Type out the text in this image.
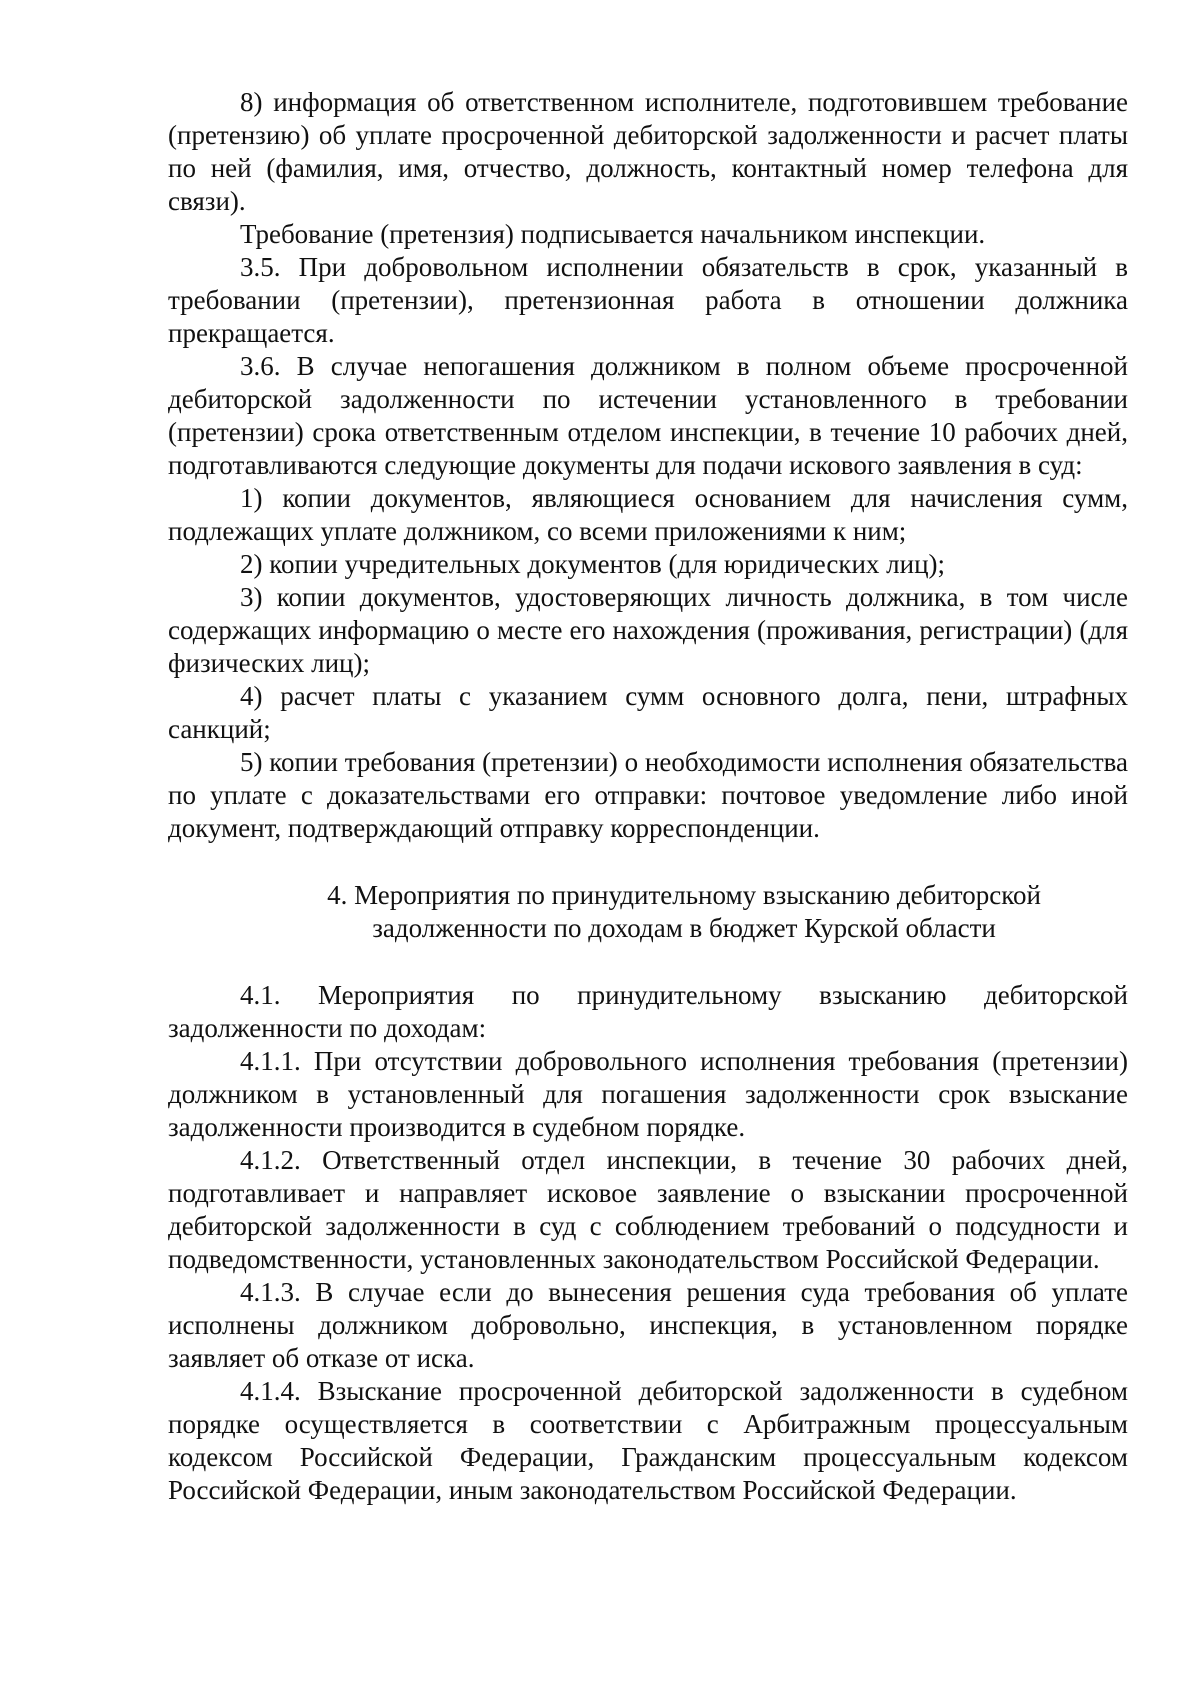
8) информация об ответственном исполнителе, подготовившем требование (претензию) об уплате просроченной дебиторской задолженности и расчет платы по ней (фамилия, имя, отчество, должность, контактный номер телефона для связи).

Требование (претензия) подписывается начальником инспекции.

3.5. При добровольном исполнении обязательств в срок, указанный в требовании (претензии), претензионная работа в отношении должника прекращается.

3.6. В случае непогашения должником в полном объеме просроченной дебиторской задолженности по истечении установленного в требовании (претензии) срока ответственным отделом инспекции, в течение 10 рабочих дней, подготавливаются следующие документы для подачи искового заявления в суд:

1) копии документов, являющиеся основанием для начисления сумм, подлежащих уплате должником, со всеми приложениями к ним;

2) копии учредительных документов (для юридических лиц);

3) копии документов, удостоверяющих личность должника, в том числе содержащих информацию о месте его нахождения (проживания, регистрации) (для физических лиц);

4) расчет платы с указанием сумм основного долга, пени, штрафных санкций;

5) копии требования (претензии) о необходимости исполнения обязательства по уплате с доказательствами его отправки: почтовое уведомление либо иной документ, подтверждающий отправку корреспонденции.

4. Мероприятия по принудительному взысканию дебиторской
задолженности по доходам в бюджет Курской области

4.1. Мероприятия по принудительному взысканию дебиторской задолженности по доходам:

4.1.1. При отсутствии добровольного исполнения требования (претензии) должником в установленный для погашения задолженности срок взыскание задолженности производится в судебном порядке.

4.1.2. Ответственный отдел инспекции, в течение 30 рабочих дней, подготавливает и направляет исковое заявление о взыскании просроченной дебиторской задолженности в суд с соблюдением требований о подсудности и подведомственности, установленных законодательством Российской Федерации.

4.1.3. В случае если до вынесения решения суда требования об уплате исполнены должником добровольно, инспекция, в установленном порядке заявляет об отказе от иска.

4.1.4. Взыскание просроченной дебиторской задолженности в судебном порядке осуществляется в соответствии с Арбитражным процессуальным кодексом Российской Федерации, Гражданским процессуальным кодексом Российской Федерации, иным законодательством Российской Федерации.
